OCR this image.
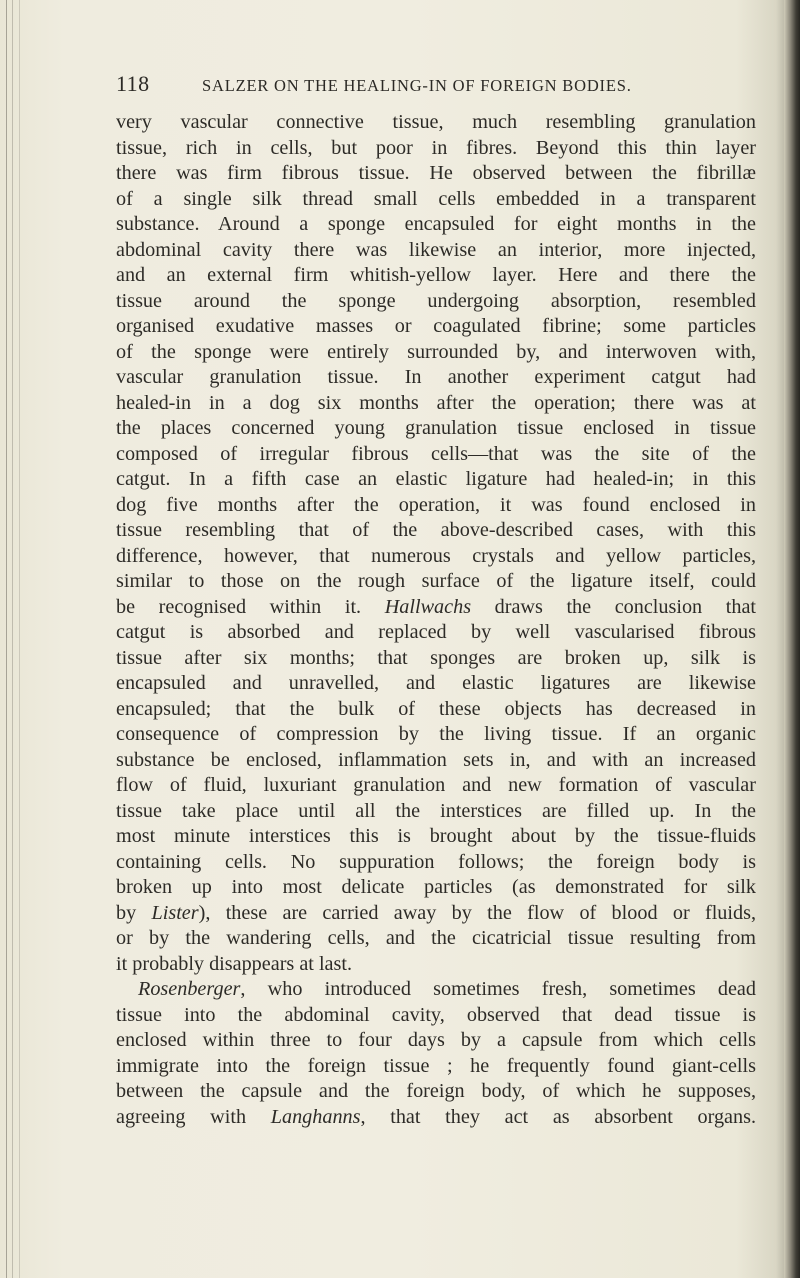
118	SALZER ON THE HEALING-IN OF FOREIGN BODIES.
very vascular connective tissue, much resembling granulation
tissue, rich in cells, but poor in fibres. Beyond this thin layer
there was firm fibrous tissue. He observed between the fibrillæ
of a single silk thread small cells embedded in a transparent
substance. Around a sponge encapsuled for eight months in the
abdominal cavity there was likewise an interior, more injected,
and an external firm whitish-yellow layer. Here and there the
tissue around the sponge undergoing absorption, resembled
organised exudative masses or coagulated fibrine; some particles
of the sponge were entirely surrounded by, and interwoven with,
vascular granulation tissue. In another experiment catgut had
healed-in in a dog six months after the operation; there was at
the places concerned young granulation tissue enclosed in tissue
composed of irregular fibrous cells—that was the site of the
catgut. In a fifth case an elastic ligature had healed-in; in this
dog five months after the operation, it was found enclosed in
tissue resembling that of the above-described cases, with this
difference, however, that numerous crystals and yellow particles,
similar to those on the rough surface of the ligature itself, could
be recognised within it. Hallwachs draws the conclusion that
catgut is absorbed and replaced by well vascularised fibrous
tissue after six months; that sponges are broken up, silk is
encapsuled and unravelled, and elastic ligatures are likewise
encapsuled; that the bulk of these objects has decreased in
consequence of compression by the living tissue. If an organic
substance be enclosed, inflammation sets in, and with an increased
flow of fluid, luxuriant granulation and new formation of vascular
tissue take place until all the interstices are filled up. In the
most minute interstices this is brought about by the tissue-fluids
containing cells. No suppuration follows; the foreign body is
broken up into most delicate particles (as demonstrated for silk
by Lister), these are carried away by the flow of blood or fluids,
or by the wandering cells, and the cicatricial tissue resulting from
it probably disappears at last.
Rosenberger, who introduced sometimes fresh, sometimes dead
tissue into the abdominal cavity, observed that dead tissue is
enclosed within three to four days by a capsule from which cells
immigrate into the foreign tissue ; he frequently found giant-cells
between the capsule and the foreign body, of which he supposes,
agreeing with Langhanns, that they act as absorbent organs.
